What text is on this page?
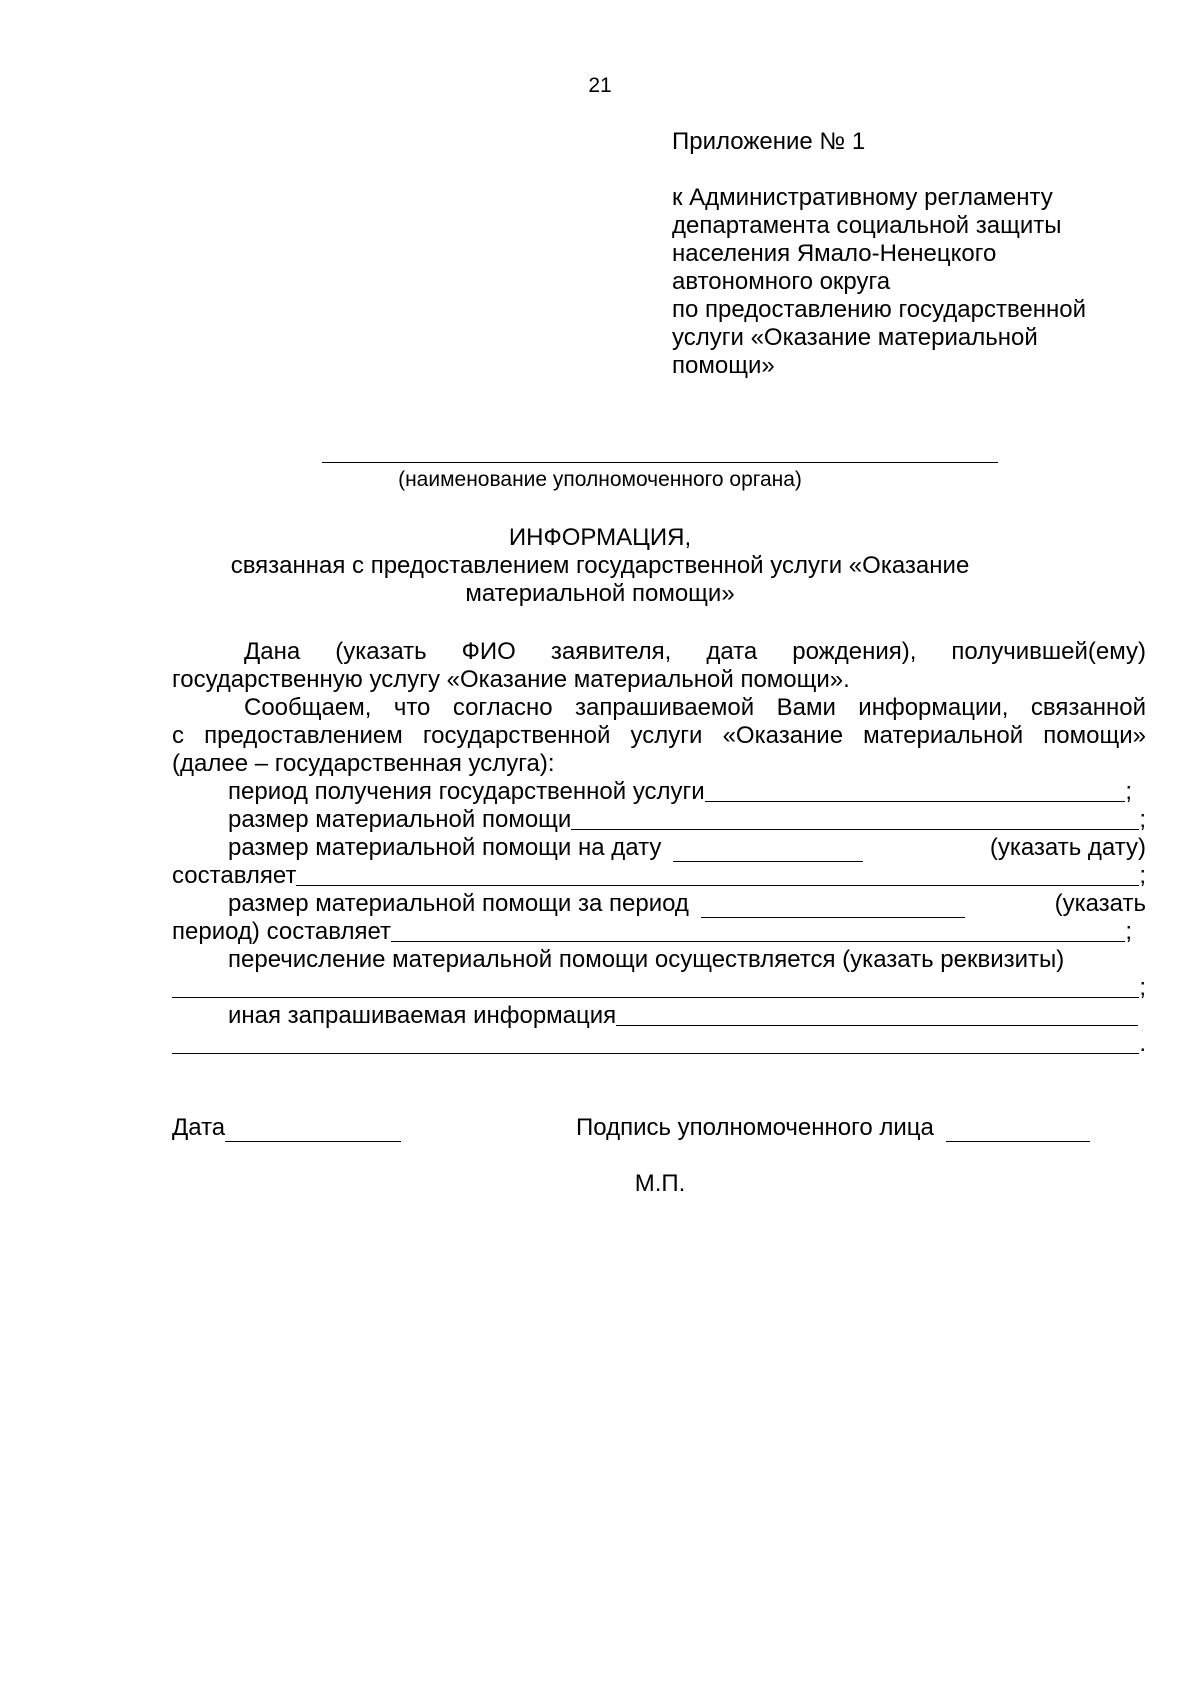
21
Приложение № 1
к Административному регламенту
департамента социальной защиты
населения Ямало-Ненецкого
автономного округа
по предоставлению государственной
услуги «Оказание материальной
помощи»
(наименование уполномоченного органа)
ИНФОРМАЦИЯ,
связанная с предоставлением государственной услуги «Оказание
материальной помощи»

Дана (указать ФИО заявителя, дата рождения), получившей(ему)

государственную услугу «Оказание материальной помощи».

Сообщаем, что согласно запрашиваемой Вами информации, связанной

с предоставлением государственной услуги «Оказание материальной помощи»

(далее – государственная услуга):

период получения государственной услуги	;
размер материальной помощи	;
размер материальной помощи на дату	(указать дату)
составляет	;
размер материальной помощи за период	(указать
период) составляет	;
перечисление материальной помощи осуществляется (указать реквизиты)
;
иная запрашиваемая информация
.
Дата	Подпись уполномоченного лица
М.П.
